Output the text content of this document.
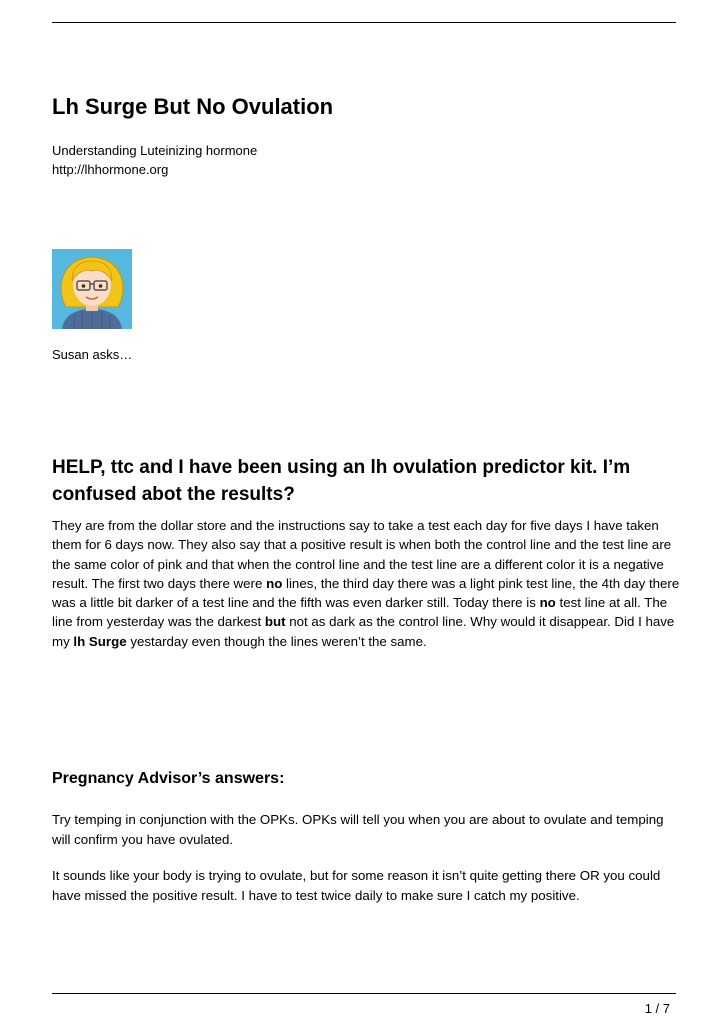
Lh Surge But No Ovulation
Understanding Luteinizing hormone
http://lhhormone.org
Susan asks…
HELP, ttc and I have been using an lh ovulation predictor kit. I’m confused abot the results?

They are from the dollar store and the instructions say to take a test each day for five days I have taken them for 6 days now. They also say that a positive result is when both the control line and the test line are the same color of pink and that when the control line and the test line are a different color it is a negative result. The first two days there were no lines, the third day there was a light pink test line, the 4th day there was a little bit darker of a test line and the fifth was even darker still. Today there is no test line at all. The line from yesterday was the darkest but not as dark as the control line. Why would it disappear. Did I have my lh Surge yestarday even though the lines weren’t the same.

Pregnancy Advisor’s answers:

Try temping in conjunction with the OPKs. OPKs will tell you when you are about to ovulate and temping will confirm you have ovulated.

It sounds like your body is trying to ovulate, but for some reason it isn’t quite getting there OR you could have missed the positive result. I have to test twice daily to make sure I catch my positive.

1 / 7
